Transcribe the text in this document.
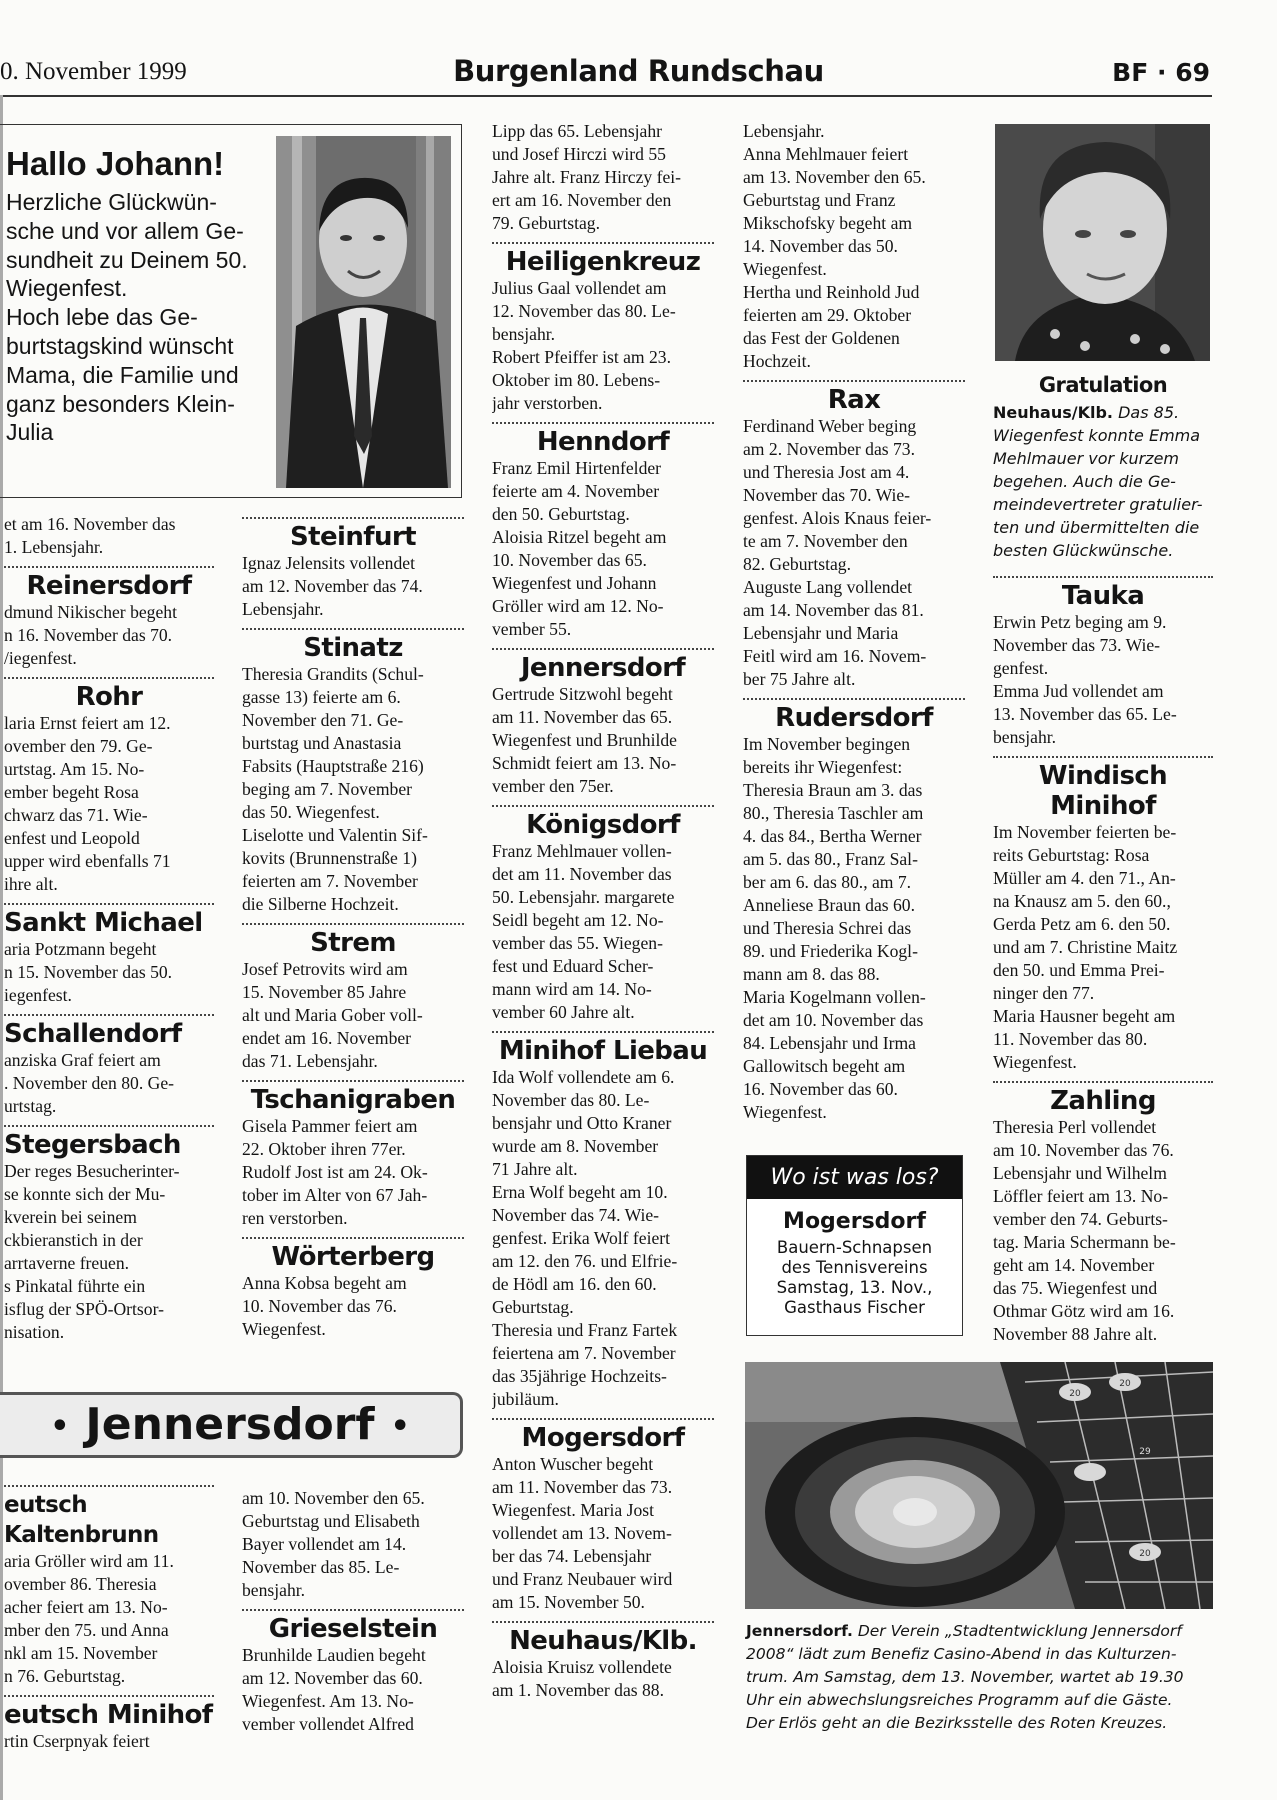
0. November 1999	Burgenland Rundschau	BF · 69
Hallo Johann!
Herzliche Glückwün-
sche und vor allem Ge-
sundheit zu Deinem 50.
Wiegenfest.
Hoch lebe das Ge-
burtstagskind wünscht
Mama, die Familie und
ganz besonders Klein-
Julia

et am 16. November das

1. Lebensjahr.

Reinersdorf

dmund Nikischer begeht

n 16. November das 70.

/iegenfest.

Rohr

laria Ernst feiert am 12.

ovember den 79. Ge-

urtstag. Am 15. No-

ember begeht Rosa

chwarz das 71. Wie-

enfest und Leopold

upper wird ebenfalls 71

ihre alt.

Sankt Michael

aria Potzmann begeht

n 15. November das 50.

iegenfest.

Schallendorf

anziska Graf feiert am

. November den 80. Ge-

urtstag.

Stegersbach

Der reges Besucherinter-

se konnte sich der Mu-

kverein bei seinem

ckbieranstich in der

arrtaverne freuen.

s Pinkatal führte ein

isflug der SPÖ-Ortsor-

nisation.

Steinfurt

Ignaz Jelensits vollendet

am 12. November das 74.

Lebensjahr.

Stinatz

Theresia Grandits (Schul-

gasse 13) feierte am 6.

November den 71. Ge-

burtstag und Anastasia

Fabsits (Hauptstraße 216)

beging am 7. November

das 50. Wiegenfest.

Liselotte und Valentin Sif-

kovits (Brunnenstraße 1)

feierten am 7. November

die Silberne Hochzeit.

Strem

Josef Petrovits wird am

15. November 85 Jahre

alt und Maria Gober voll-

endet am 16. November

das 71. Lebensjahr.

Tschanigraben

Gisela Pammer feiert am

22. Oktober ihren 77er.

Rudolf Jost ist am 24. Ok-

tober im Alter von 67 Jah-

ren verstorben.

Wörterberg

Anna Kobsa begeht am

10. November das 76.

Wiegenfest.

• Jennersdorf •
eutsch Kaltenbrunn

aria Gröller wird am 11.

ovember 86. Theresia

acher feiert am 13. No-

mber den 75. und Anna

nkl am 15. November

n 76. Geburtstag.

eutsch Minihof

rtin Cserpnyak feiert

am 10. November den 65.

Geburtstag und Elisabeth

Bayer vollendet am 14.

November das 85. Le-

bensjahr.

Grieselstein

Brunhilde Laudien begeht

am 12. November das 60.

Wiegenfest. Am 13. No-

vember vollendet Alfred

Lipp das 65. Lebensjahr

und Josef Hirczi wird 55

Jahre alt. Franz Hirczy fei-

ert am 16. November den

79. Geburtstag.

Heiligenkreuz

Julius Gaal vollendet am

12. November das 80. Le-

bensjahr.

Robert Pfeiffer ist am 23.

Oktober im 80. Lebens-

jahr verstorben.

Henndorf

Franz Emil Hirtenfelder

feierte am 4. November

den 50. Geburtstag.

Aloisia Ritzel begeht am

10. November das 65.

Wiegenfest und Johann

Gröller wird am 12. No-

vember 55.

Jennersdorf

Gertrude Sitzwohl begeht

am 11. November das 65.

Wiegenfest und Brunhilde

Schmidt feiert am 13. No-

vember den 75er.

Königsdorf

Franz Mehlmauer vollen-

det am 11. November das

50. Lebensjahr. margarete

Seidl begeht am 12. No-

vember das 55. Wiegen-

fest und Eduard Scher-

mann wird am 14. No-

vember 60 Jahre alt.

Minihof Liebau

Ida Wolf vollendete am 6.

November das 80. Le-

bensjahr und Otto Kraner

wurde am 8. November

71 Jahre alt.

Erna Wolf begeht am 10.

November das 74. Wie-

genfest. Erika Wolf feiert

am 12. den 76. und Elfrie-

de Hödl am 16. den 60.

Geburtstag.

Theresia und Franz Fartek

feiertena am 7. November

das 35jährige Hochzeits-

jubiläum.

Mogersdorf

Anton Wuscher begeht

am 11. November das 73.

Wiegenfest. Maria Jost

vollendet am 13. Novem-

ber das 74. Lebensjahr

und Franz Neubauer wird

am 15. November 50.

Neuhaus/Klb.

Aloisia Kruisz vollendete

am 1. November das 88.

Lebensjahr.

Anna Mehlmauer feiert

am 13. November den 65.

Geburtstag und Franz

Mikschofsky begeht am

14. November das 50.

Wiegenfest.

Hertha und Reinhold Jud

feierten am 29. Oktober

das Fest der Goldenen

Hochzeit.

Rax

Ferdinand Weber beging

am 2. November das 73.

und Theresia Jost am 4.

November das 70. Wie-

genfest. Alois Knaus feier-

te am 7. November den

82. Geburtstag.

Auguste Lang vollendet

am 14. November das 81.

Lebensjahr und Maria

Feitl wird am 16. Novem-

ber 75 Jahre alt.

Rudersdorf

Im November begingen

bereits ihr Wiegenfest:

Theresia Braun am 3. das

80., Theresia Taschler am

4. das 84., Bertha Werner

am 5. das 80., Franz Sal-

ber am 6. das 80., am 7.

Anneliese Braun das 60.

und Theresia Schrei das

89. und Friederika Kogl-

mann am 8. das 88.

Maria Kogelmann vollen-

det am 10. November das

84. Lebensjahr und Irma

Gallowitsch begeht am

16. November das 60.

Wiegenfest.

Wo ist was los?
Mogersdorf
Bauern-Schnapsen
des Tennisvereins
Samstag, 13. Nov.,
Gasthaus Fischer
Gratulation
Neuhaus/Klb. Das 85.
Wiegenfest konnte Emma
Mehlmauer vor kurzem
begehen. Auch die Ge-
meindevertreter gratulier-
ten und übermittelten die
besten Glückwünsche.
Tauka

Erwin Petz beging am 9.

November das 73. Wie-

genfest.

Emma Jud vollendet am

13. November das 65. Le-

bensjahr.

Windisch Minihof

Im November feierten be-

reits Geburtstag: Rosa

Müller am 4. den 71., An-

na Knausz am 5. den 60.,

Gerda Petz am 6. den 50.

und am 7. Christine Maitz

den 50. und Emma Prei-

ninger den 77.

Maria Hausner begeht am

11. November das 80.

Wiegenfest.

Zahling

Theresia Perl vollendet

am 10. November das 76.

Lebensjahr und Wilhelm

Löffler feiert am 13. No-

vember den 74. Geburts-

tag. Maria Schermann be-

geht am 14. November

das 75. Wiegenfest und

Othmar Götz wird am 16.

November 88 Jahre alt.

20
20
29
20
Jennersdorf. Der Verein „Stadtentwicklung Jennersdorf
2008“ lädt zum Benefiz Casino-Abend in das Kulturzen-
trum. Am Samstag, dem 13. November, wartet ab 19.30
Uhr ein abwechslungsreiches Programm auf die Gäste.
Der Erlös geht an die Bezirksstelle des Roten Kreuzes.
